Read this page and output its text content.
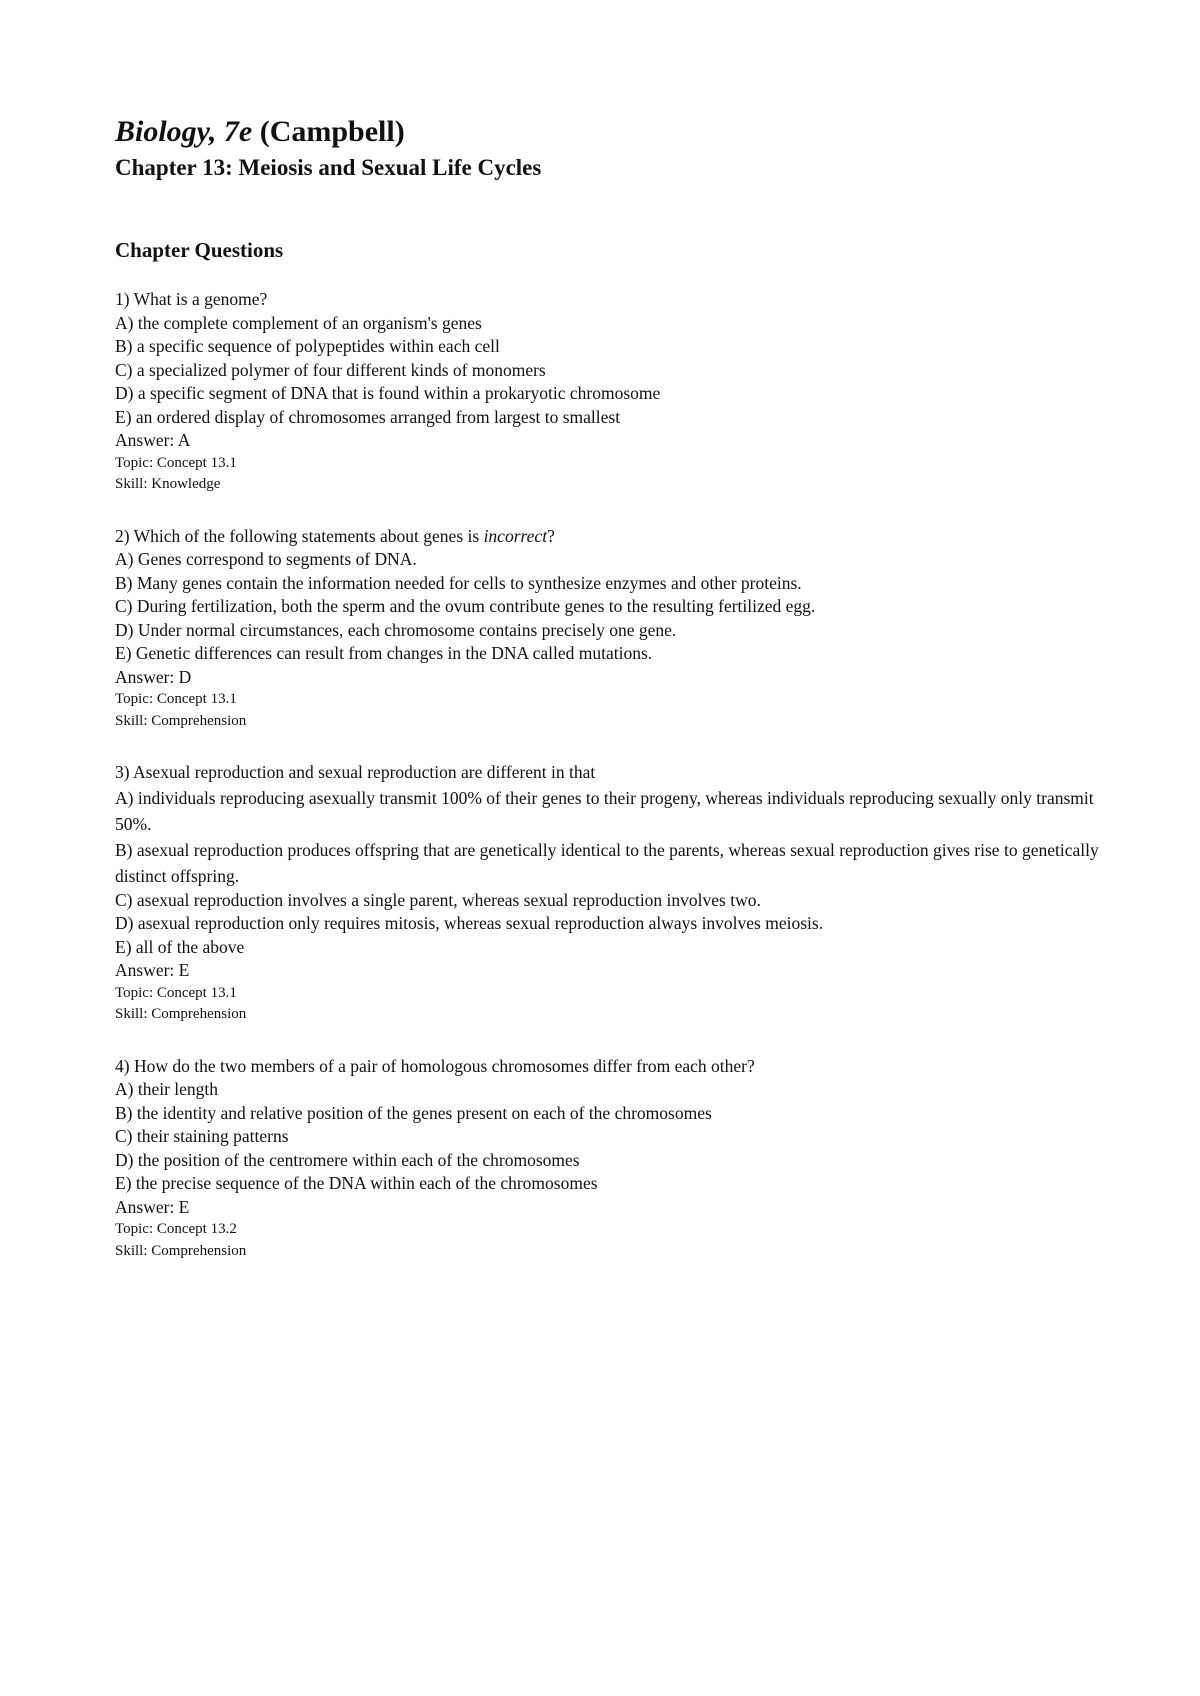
Biology, 7e (Campbell)
Chapter 13: Meiosis and Sexual Life Cycles
Chapter Questions

1) What is a genome?

A) the complete complement of an organism's genes

B) a specific sequence of polypeptides within each cell

C) a specialized polymer of four different kinds of monomers

D) a specific segment of DNA that is found within a prokaryotic chromosome

E) an ordered display of chromosomes arranged from largest to smallest

Answer: A

Topic: Concept 13.1

Skill: Knowledge

2) Which of the following statements about genes is incorrect?

A) Genes correspond to segments of DNA.

B) Many genes contain the information needed for cells to synthesize enzymes and other proteins.

C) During fertilization, both the sperm and the ovum contribute genes to the resulting fertilized egg.

D) Under normal circumstances, each chromosome contains precisely one gene.

E) Genetic differences can result from changes in the DNA called mutations.

Answer: D

Topic: Concept 13.1

Skill: Comprehension

3) Asexual reproduction and sexual reproduction are different in that

A) individuals reproducing asexually transmit 100% of their genes to their progeny, whereas individuals reproducing sexually only transmit 50%.

B) asexual reproduction produces offspring that are genetically identical to the parents, whereas sexual reproduction gives rise to genetically distinct offspring.

C) asexual reproduction involves a single parent, whereas sexual reproduction involves two.

D) asexual reproduction only requires mitosis, whereas sexual reproduction always involves meiosis.

E) all of the above

Answer: E

Topic: Concept 13.1

Skill: Comprehension

4) How do the two members of a pair of homologous chromosomes differ from each other?

A) their length

B) the identity and relative position of the genes present on each of the chromosomes

C) their staining patterns

D) the position of the centromere within each of the chromosomes

E) the precise sequence of the DNA within each of the chromosomes

Answer: E

Topic: Concept 13.2

Skill: Comprehension
